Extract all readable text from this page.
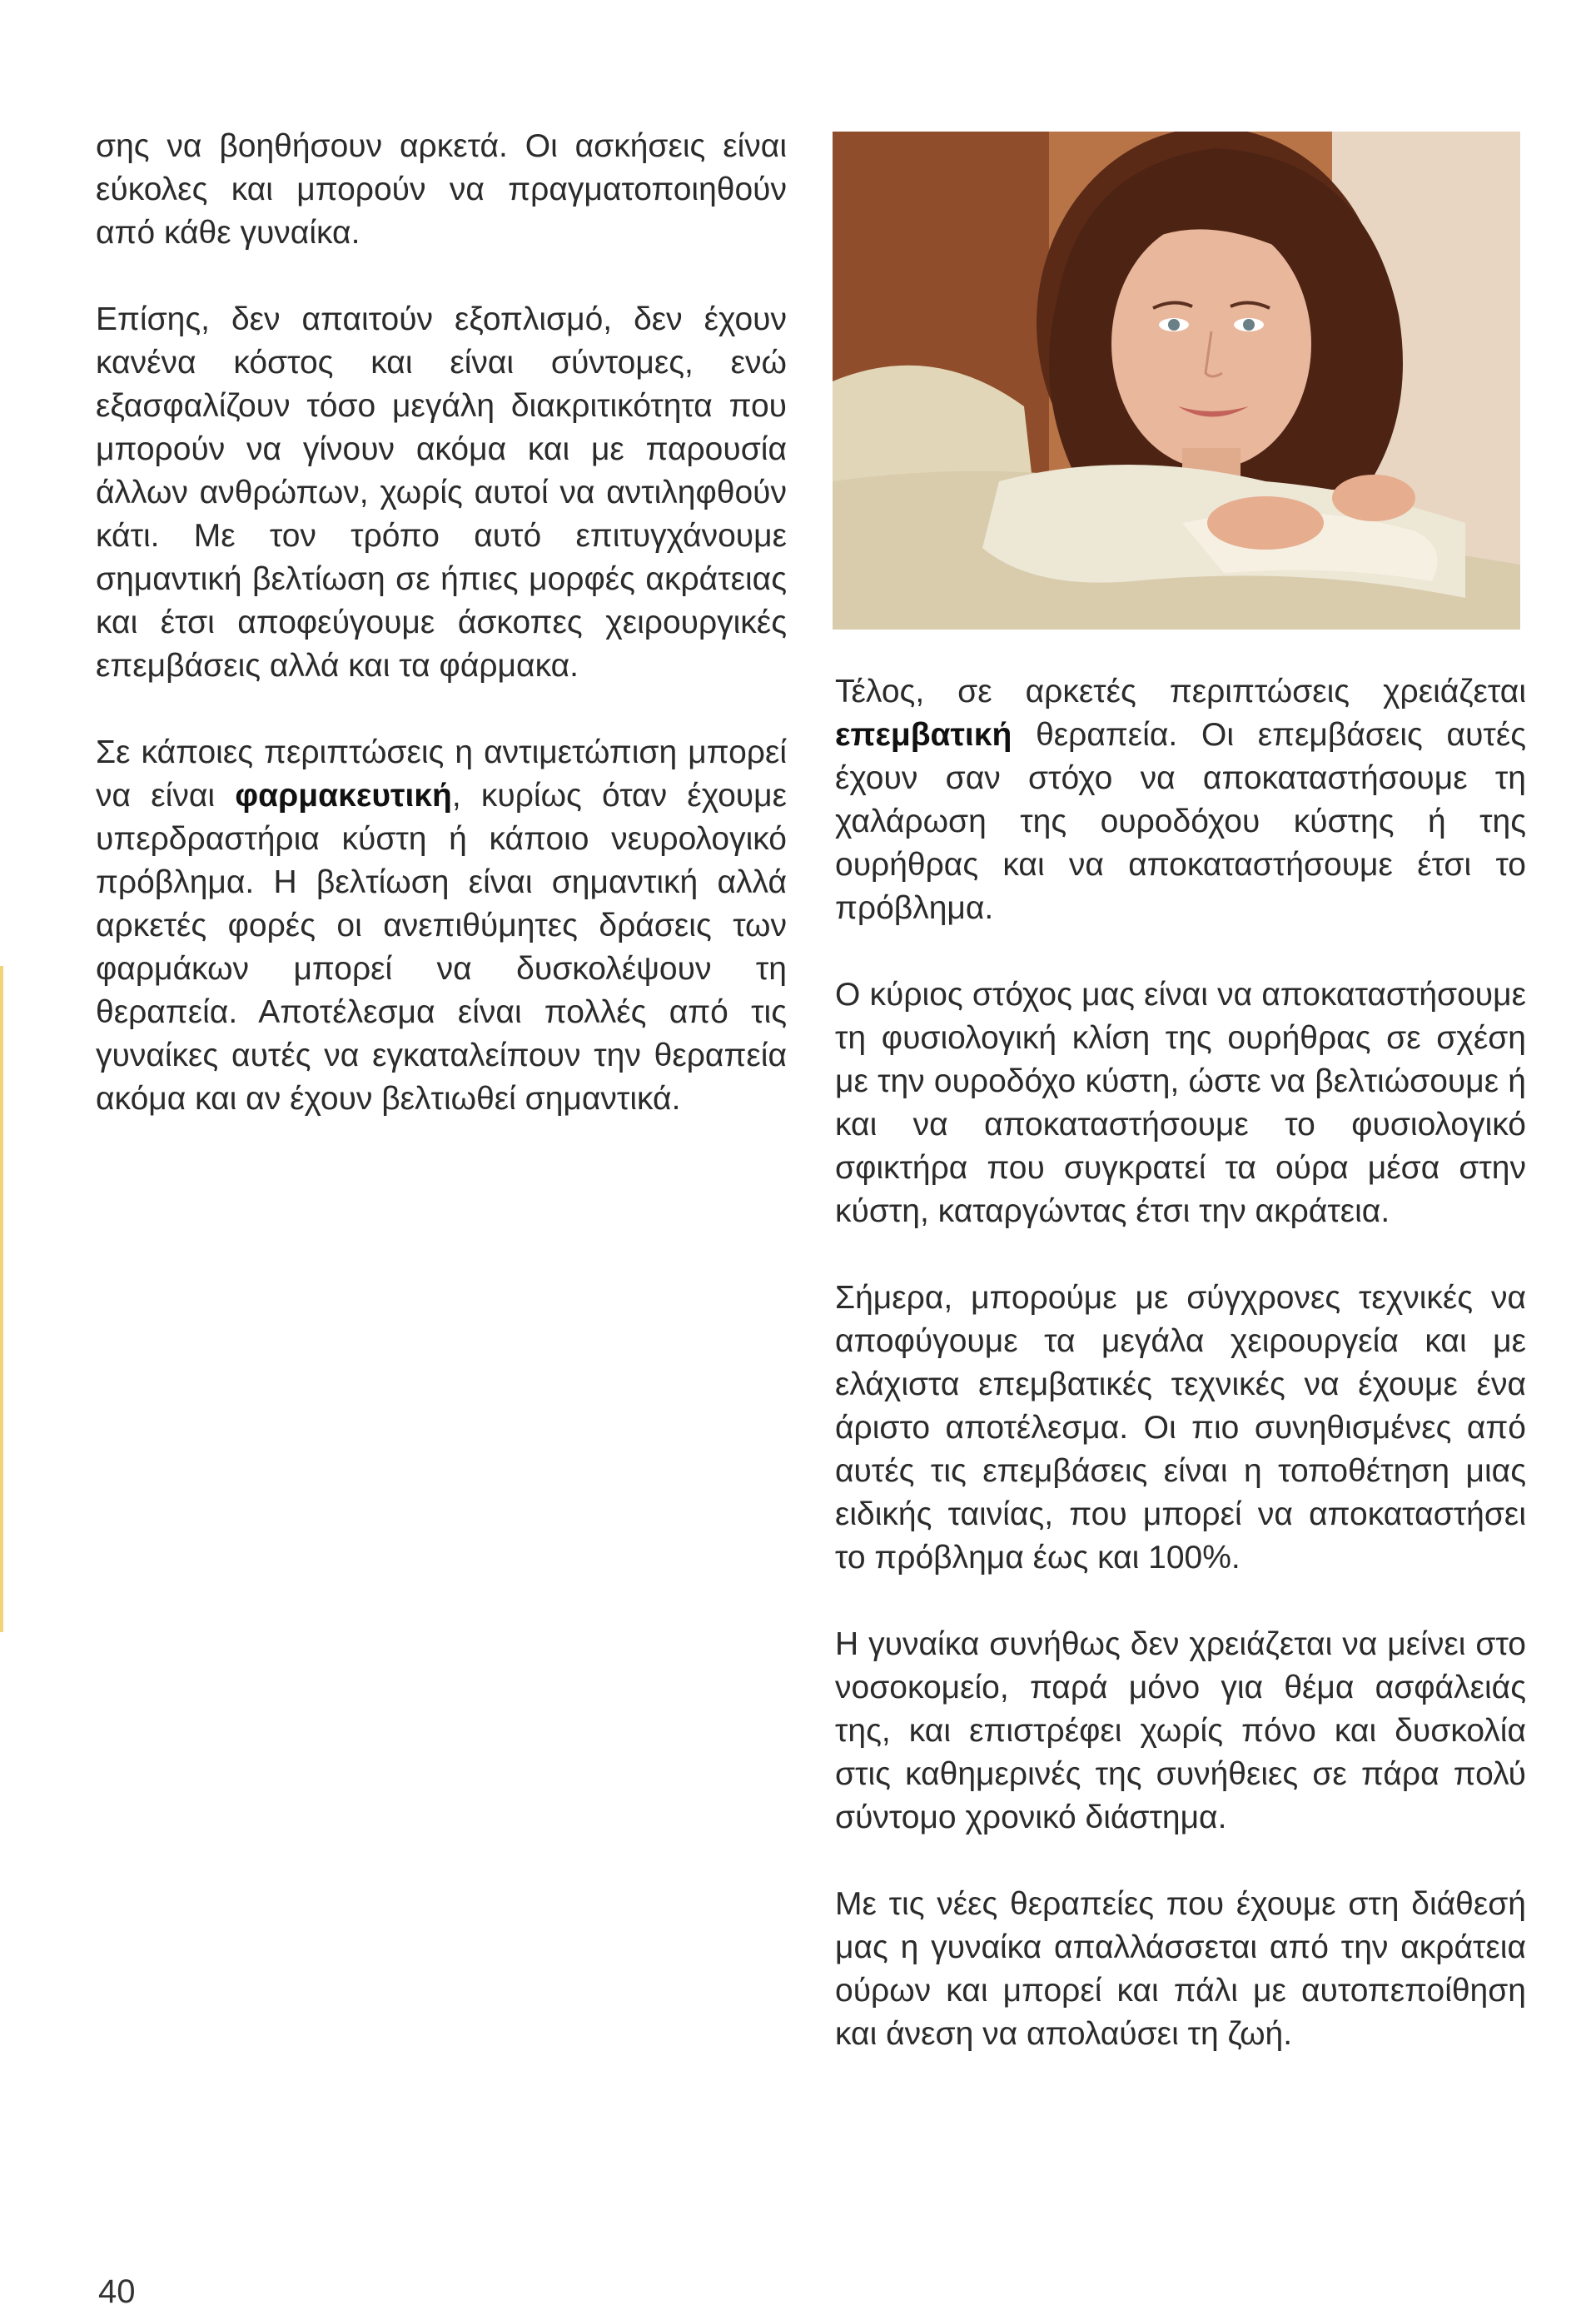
σης να βοηθήσουν αρκετά. Οι ασκήσεις είναι εύκολες και μπορούν να πραγματοποιηθούν από κάθε γυναίκα.

Επίσης, δεν απαιτούν εξοπλισμό, δεν έχουν κανένα κόστος και είναι σύντομες, ενώ εξασφαλίζουν τόσο μεγάλη διακριτικότητα που μπορούν να γίνουν ακόμα και με παρουσία άλλων ανθρώπων, χωρίς αυτοί να αντιληφθούν κάτι. Με τον τρόπο αυτό επιτυγχάνουμε σημαντική βελτίωση σε ήπιες μορφές ακράτειας και έτσι αποφεύγουμε άσκοπες χειρουργικές επεμβάσεις αλλά και τα φάρμακα.

Σε κάποιες περιπτώσεις η αντιμετώπιση μπορεί να είναι φαρμακευτική, κυρίως όταν έχουμε υπερδραστήρια κύστη ή κάποιο νευρολογικό πρόβλημα. Η βελτίωση είναι σημαντική αλλά αρκετές φορές οι ανεπιθύμητες δράσεις των φαρμάκων μπορεί να δυσκολέψουν τη θεραπεία. Αποτέλεσμα είναι πολλές από τις γυναίκες αυτές να εγκαταλείπουν την θεραπεία ακόμα και αν έχουν βελτιωθεί σημαντικά.

Τέλος, σε αρκετές περιπτώσεις χρειάζεται επεμβατική θεραπεία. Οι επεμβάσεις αυτές έχουν σαν στόχο να αποκαταστήσουμε τη χαλάρωση της ουροδόχου κύστης ή της ουρήθρας και να αποκαταστήσουμε έτσι το πρόβλημα.

Ο κύριος στόχος μας είναι να αποκαταστήσουμε τη φυσιολογική κλίση της ουρήθρας σε σχέση με την ουροδόχο κύστη, ώστε να βελτιώσουμε ή και να αποκαταστήσουμε το φυσιολογικό σφικτήρα που συγκρατεί τα ούρα μέσα στην κύστη, καταργώντας έτσι την ακράτεια.

Σήμερα, μπορούμε με σύγχρονες τεχνικές να αποφύγουμε τα μεγάλα χειρουργεία και με ελάχιστα επεμβατικές τεχνικές να έχουμε ένα άριστο αποτέλεσμα. Οι πιο συνηθισμένες από αυτές τις επεμβάσεις είναι η τοποθέτηση μιας ειδικής ταινίας, που μπορεί να αποκαταστήσει το πρόβλημα έως και 100%.

Η γυναίκα συνήθως δεν χρειάζεται να μείνει στο νοσοκομείο, παρά μόνο για θέμα ασφάλειάς της, και επιστρέφει χωρίς πόνο και δυσκολία στις καθημερινές της συνήθειες σε πάρα πολύ σύντομο χρονικό διάστημα.

Με τις νέες θεραπείες που έχουμε στη διάθεσή μας η γυναίκα απαλλάσσεται από την ακράτεια ούρων και μπορεί και πάλι με αυτοπεποίθηση και άνεση να απολαύσει τη ζωή.

40
